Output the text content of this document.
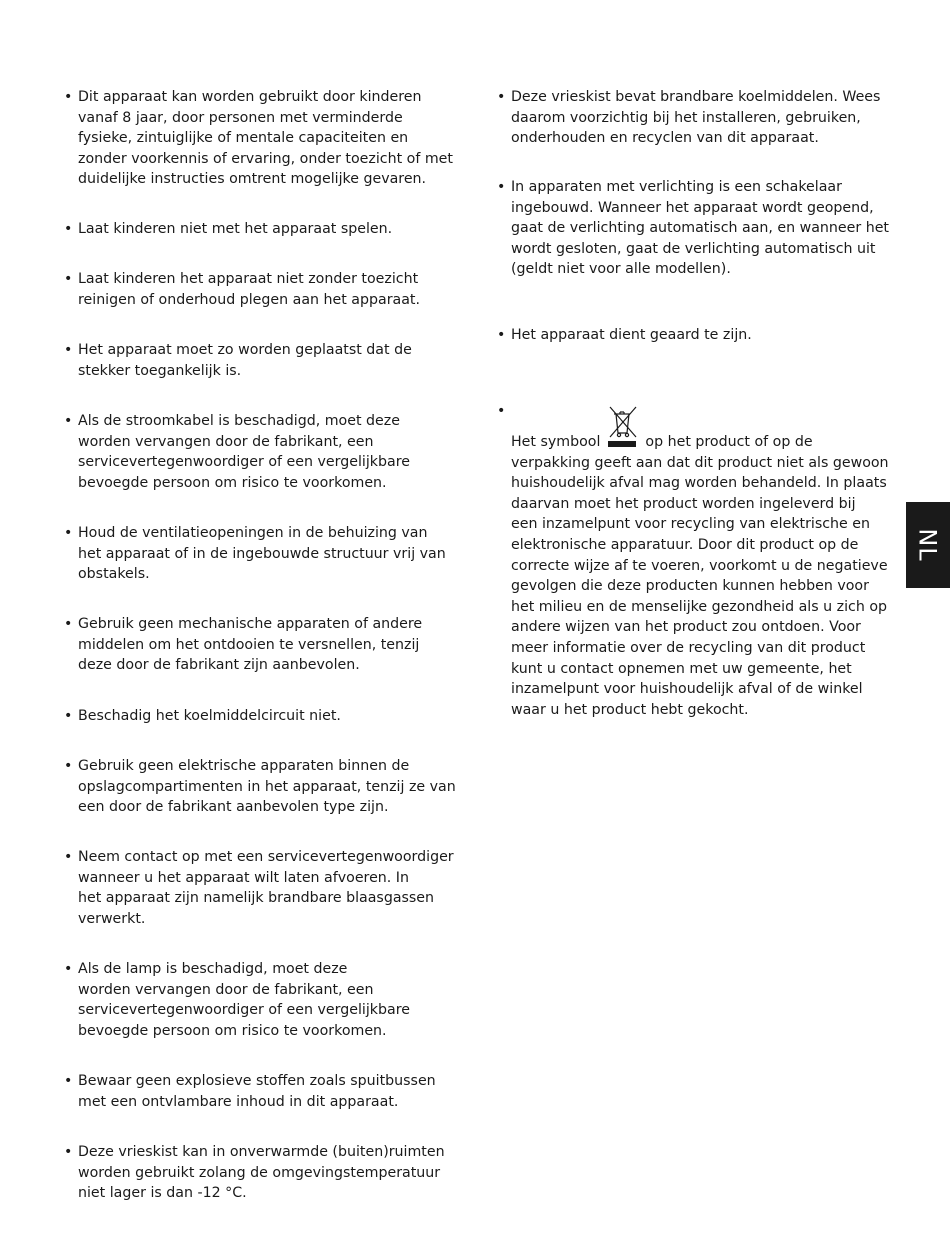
• Dit apparaat kan worden gebruikt door kinderen
vanaf 8 jaar, door personen met verminderde
fysieke, zintuiglijke of mentale capaciteiten en
zonder voorkennis of ervaring, onder toezicht of met
duidelijke instructies omtrent mogelijke gevaren.
• Laat kinderen niet met het apparaat spelen.
• Laat kinderen het apparaat niet zonder toezicht
reinigen of onderhoud plegen aan het apparaat.
• Het apparaat moet zo worden geplaatst dat de
stekker toegankelijk is.
• Als de stroomkabel is beschadigd, moet deze
worden vervangen door de fabrikant, een
servicevertegenwoordiger of een vergelijkbare
bevoegde persoon om risico te voorkomen.
• Houd de ventilatieopeningen in de behuizing van
het apparaat of in de ingebouwde structuur vrij van
obstakels.
• Gebruik geen mechanische apparaten of andere
middelen om het ontdooien te versnellen, tenzij
deze door de fabrikant zijn aanbevolen.
• Beschadig het koelmiddelcircuit niet.
• Gebruik geen elektrische apparaten binnen de
opslagcompartimenten in het apparaat, tenzij ze van
een door de fabrikant aanbevolen type zijn.
• Neem contact op met een servicevertegenwoordiger
wanneer u het apparaat wilt laten afvoeren. In
het apparaat zijn namelijk brandbare blaasgassen
verwerkt.
• Als de lamp is beschadigd, moet deze
worden vervangen door de fabrikant, een
servicevertegenwoordiger of een vergelijkbare
bevoegde persoon om risico te voorkomen.
• Bewaar geen explosieve stoffen zoals spuitbussen
met een ontvlambare inhoud in dit apparaat.
• Deze vrieskist kan in onverwarmde (buiten)ruimten
worden gebruikt zolang de omgevingstemperatuur
niet lager is dan -12 °C.
• Deze vrieskist bevat brandbare koelmiddelen. Wees
daarom voorzichtig bij het installeren, gebruiken,
onderhouden en recyclen van dit apparaat.
• In apparaten met verlichting is een schakelaar
ingebouwd. Wanneer het apparaat wordt geopend,
gaat de verlichting automatisch aan, en wanneer het
wordt gesloten, gaat de verlichting automatisch uit
(geldt niet voor alle modellen).
• Het apparaat dient geaard te zijn.
• Het symbool	op het product of op de
verpakking geeft aan dat dit product niet als gewoon
huishoudelijk afval mag worden behandeld. In plaats
daarvan moet het product worden ingeleverd bij
een inzamelpunt voor recycling van elektrische en
elektronische apparatuur. Door dit product op de
correcte wijze af te voeren, voorkomt u de negatieve
gevolgen die deze producten kunnen hebben voor
het milieu en de menselijke gezondheid als u zich op
andere wijzen van het product zou ontdoen. Voor
meer informatie over de recycling van dit product
kunt u contact opnemen met uw gemeente, het
inzamelpunt voor huishoudelijk afval of de winkel
waar u het product hebt gekocht.
NL
